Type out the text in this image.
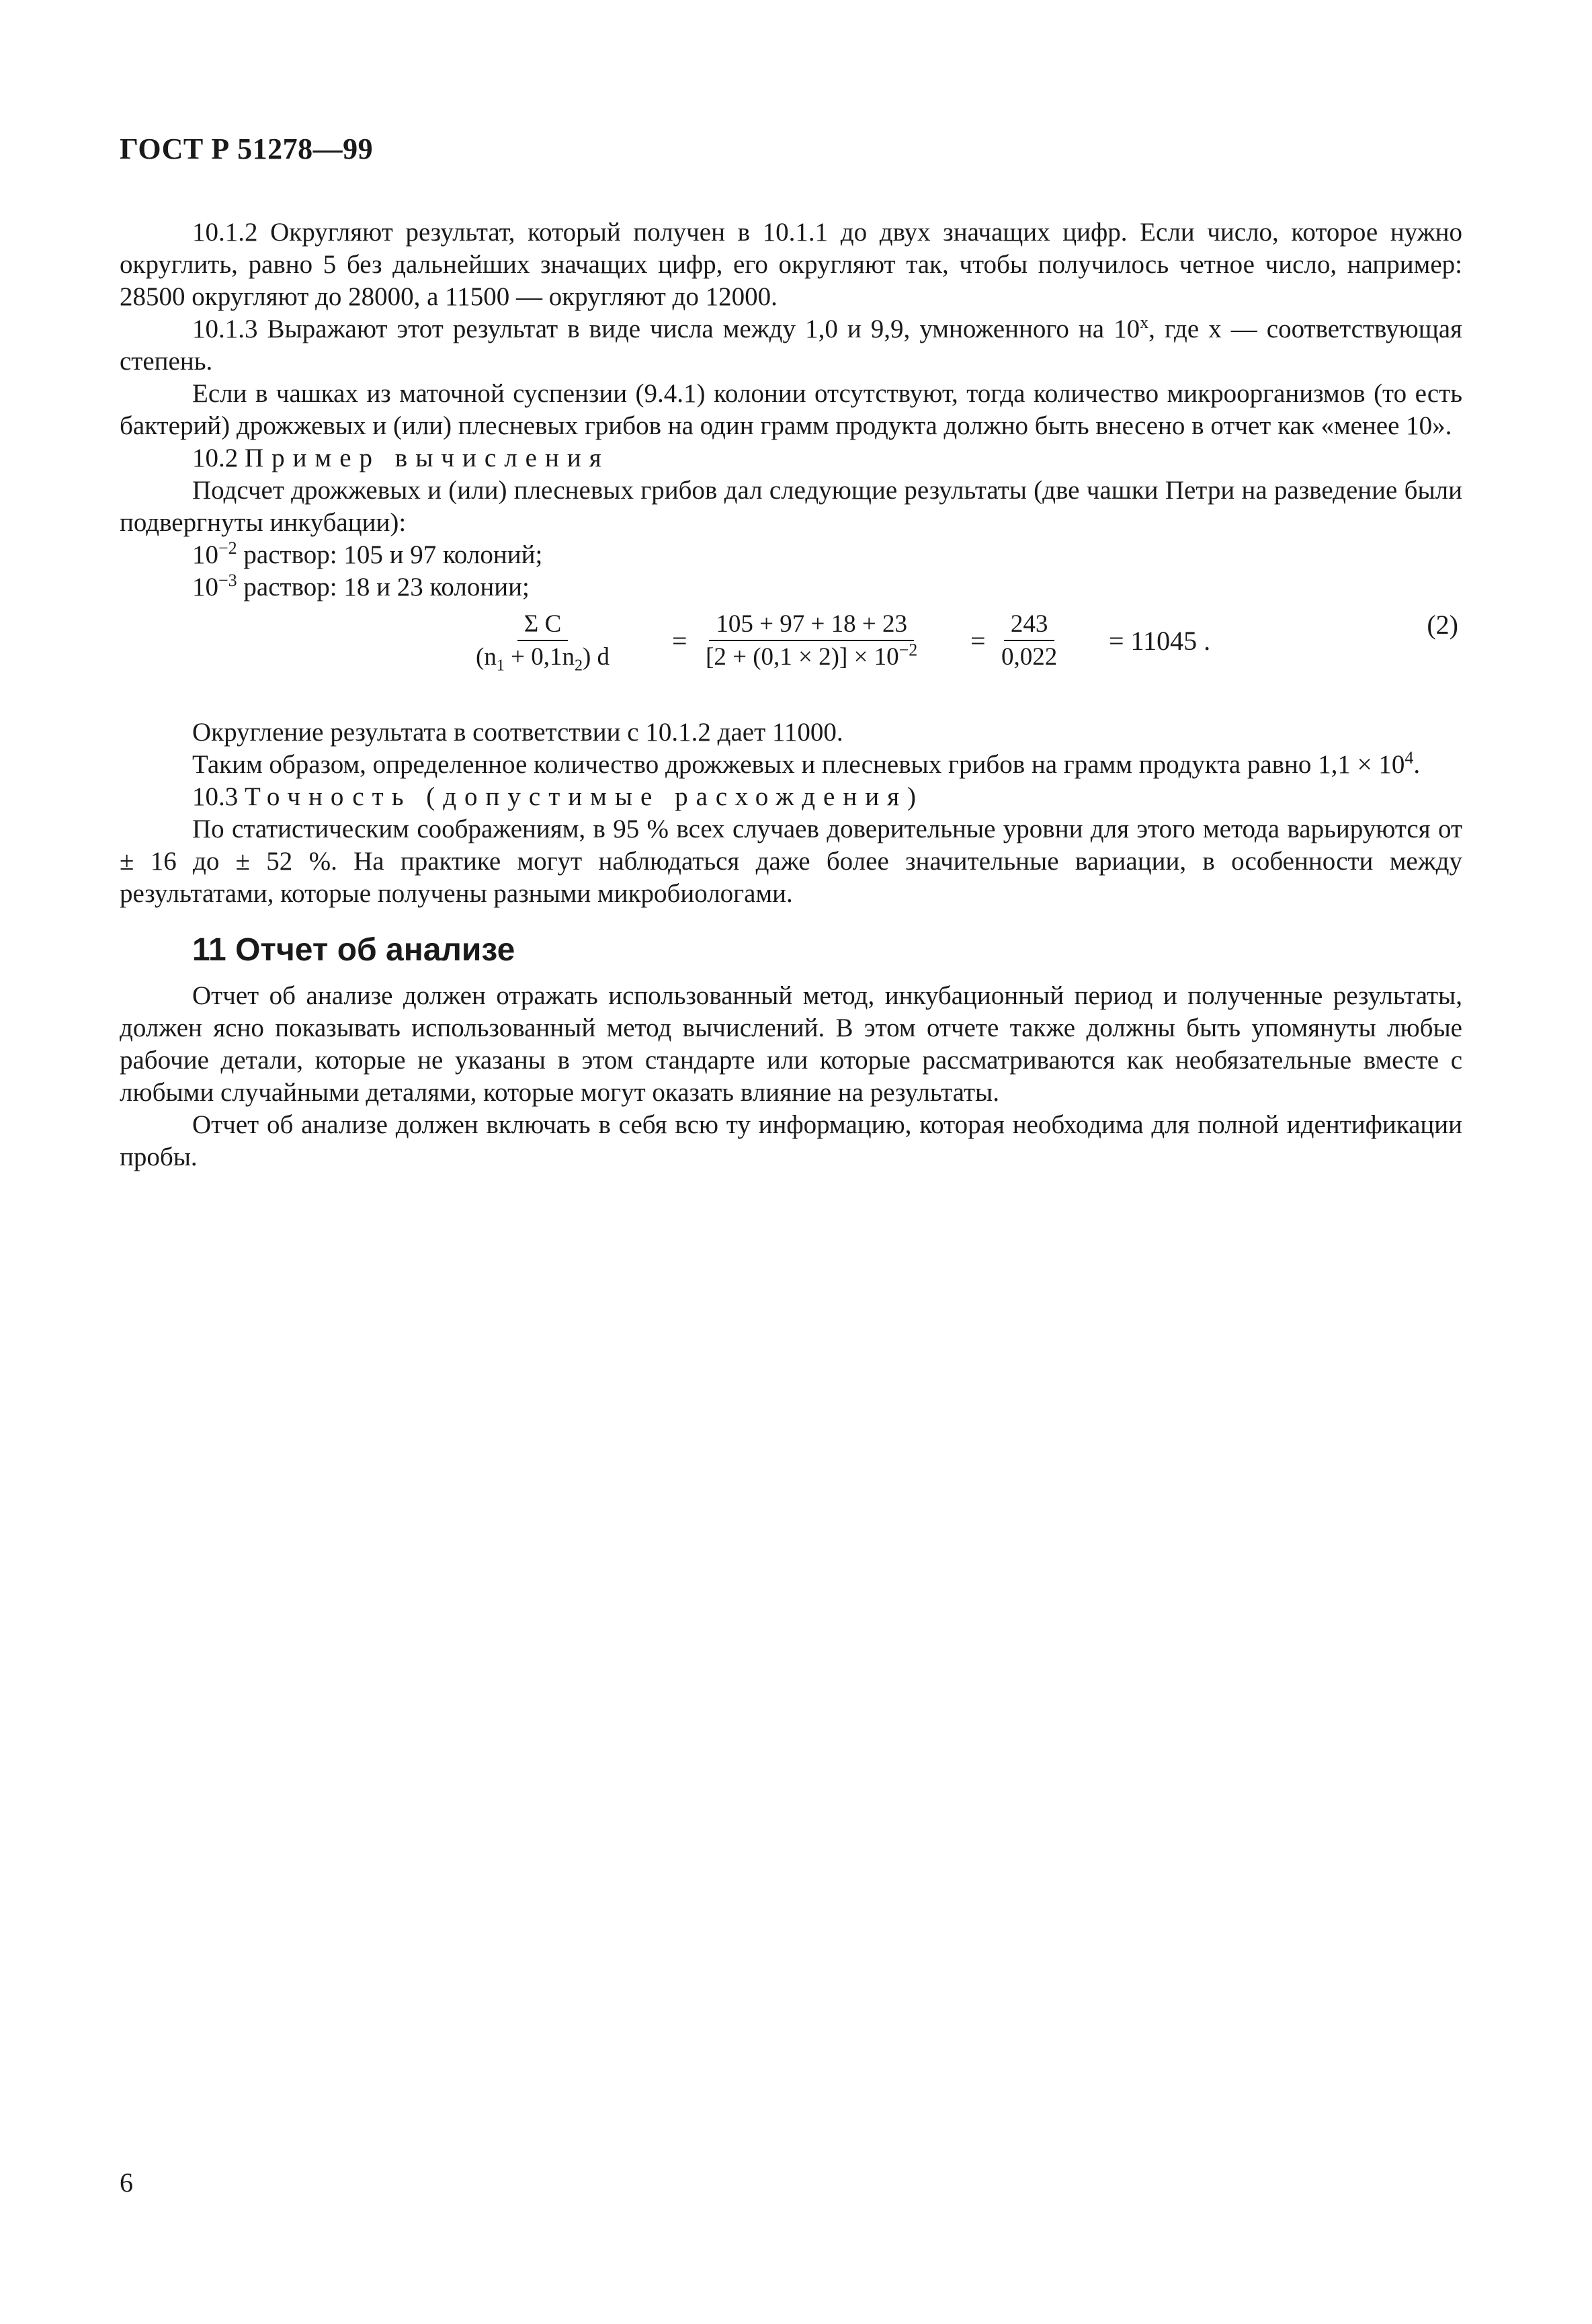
ГОСТ Р 51278—99

10.1.2 Округляют результат, который получен в 10.1.1 до двух значащих цифр. Если число, которое нужно округлить, равно 5 без дальнейших значащих цифр, его округляют так, чтобы получилось четное число, например: 28500 округляют до 28000, а 11500 — округляют до 12000.

10.1.3 Выражают этот результат в виде числа между 1,0 и 9,9, умноженного на 10$^x$, где x — соответствующая степень.

Если в чашках из маточной суспензии (9.4.1) колонии отсутствуют, тогда количество микроорганизмов (то есть бактерий) дрожжевых и (или) плесневых грибов на один грамм продукта должно быть внесено в отчет как «менее 10».

10.2 Пример вычисления

Подсчет дрожжевых и (или) плесневых грибов дал следующие результаты (две чашки Петри на разведение были подвергнуты инкубации):

$10^{-2}$ раствор: 105 и 97 колоний;

$10^{-3}$ раствор: 18 и 23 колонии;

$\frac{\text{Σ C}}{(n_1 + 0,1n_2) d} = \frac{105 + 97 + 18 + 23}{[2 + (0,1 \times 2)] \times 10^{-2}} = \frac{243}{0,022} = 11045$ .
(2)

Округление результата в соответствии с 10.1.2 дает 11000.

Таким образом, определенное количество дрожжевых и плесневых грибов на грамм продукта равно $1,1 \times 10^4$.

10.3 Точность (допустимые расхождения)

По статистическим соображениям, в 95 % всех случаев доверительные уровни для этого метода варьируются от ± 16 до ± 52 %. На практике могут наблюдаться даже более значительные вариации, в особенности между результатами, которые получены разными микробиологами.

11 Отчет об анализе

Отчет об анализе должен отражать использованный метод, инкубационный период и полученные результаты, должен ясно показывать использованный метод вычислений. В этом отчете также должны быть упомянуты любые рабочие детали, которые не указаны в этом стандарте или которые рассматриваются как необязательные вместе с любыми случайными деталями, которые могут оказать влияние на результаты.

Отчет об анализе должен включать в себя всю ту информацию, которая необходима для полной идентификации пробы.

6
